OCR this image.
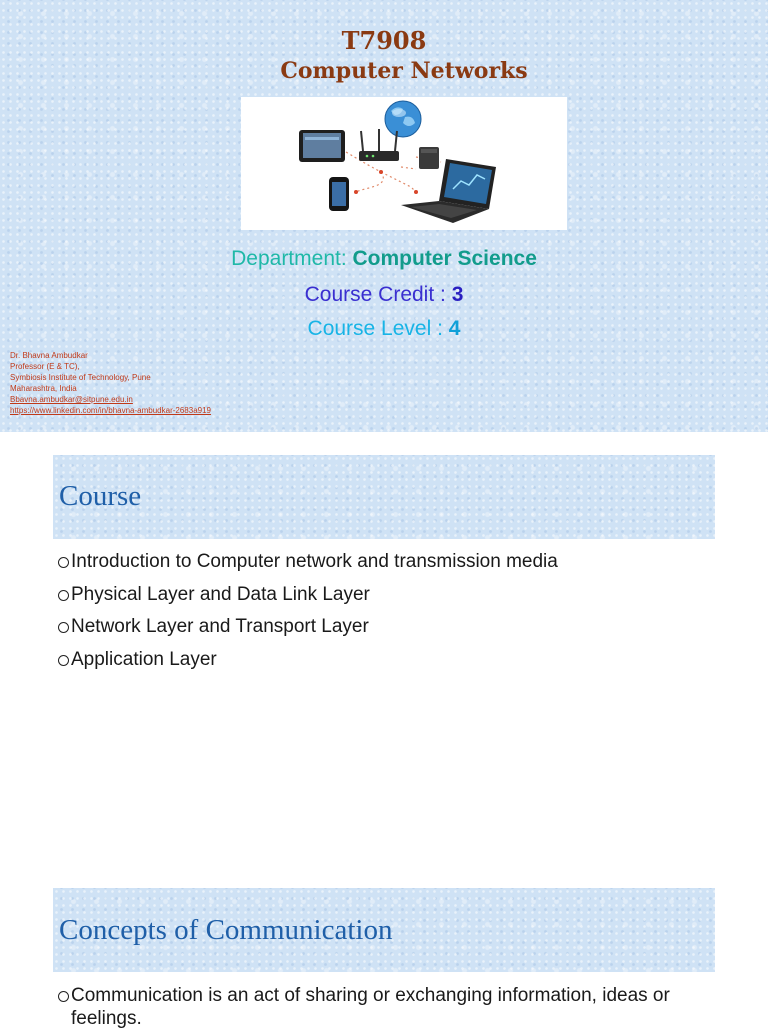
T7908
Computer Networks

Department: Computer Science

Course Credit : 3

Course Level : 4

Dr. Bhavna Ambudkar
Professor (E & TC),
Symbiosis Institute of Technology, Pune
Maharashtra, India
Bbavna.ambudkar@sitpune.edu.in
https://www.linkedin.com/in/bhavna-ambudkar-2683a919
Course
Introduction to Computer network and transmission media
Physical Layer and Data Link Layer
Network Layer and Transport Layer
Application Layer
Concepts of Communication
Communication is an act of sharing or exchanging information, ideas or feelings.
